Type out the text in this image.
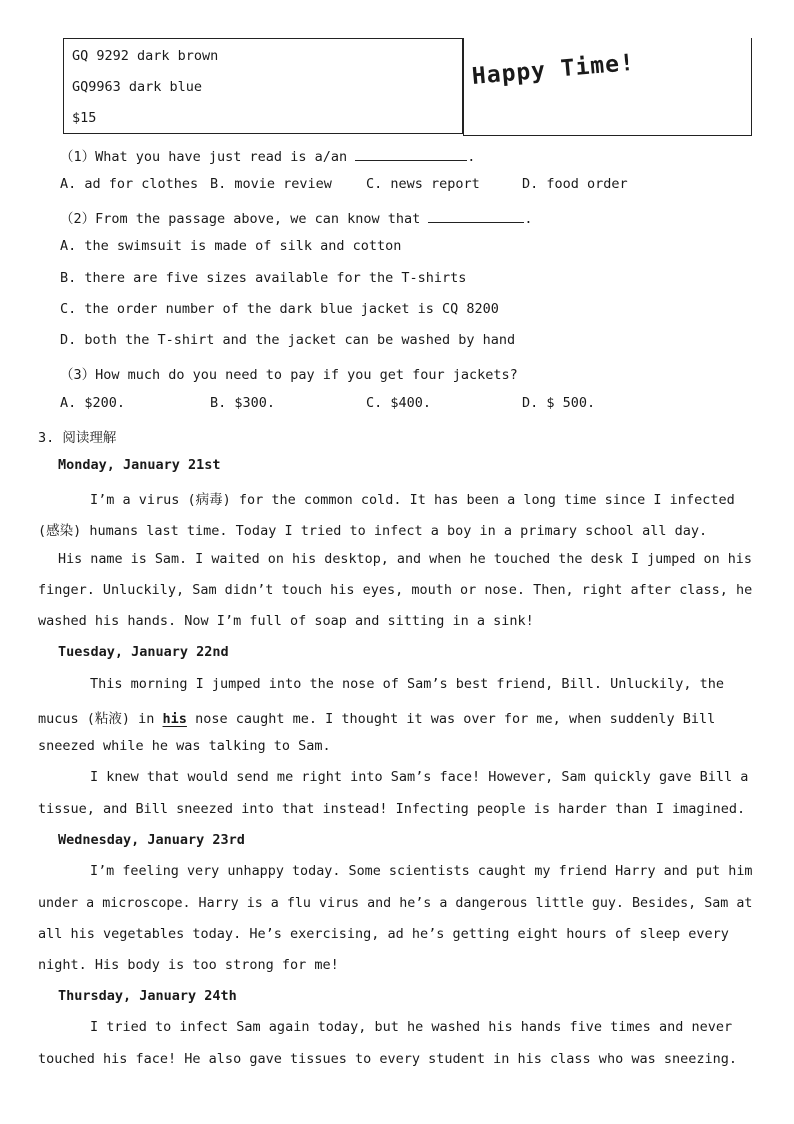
GQ 9292 dark brown
GQ9963 dark blue
$15
Happy Time!
（1）What you have just read is a/an	.
A. ad for clothes B. movie review	C. news report	D. food order
（2）From the passage above, we can know that	.
A. the swimsuit is made of silk and cotton
B. there are five sizes available for the T-shirts
C. the order number of the dark blue jacket is CQ 8200
D. both the T-shirt and the jacket can be washed by hand
（3）How much do you need to pay if you get four jackets?
A. $200.	B. $300.	C. $400.	D. $ 500.
3. 阅读理解
Monday, January 21st
I’m a virus (病毒) for the common cold. It has been a long time since I infected
(感染) humans last time. Today I tried to infect a boy in a primary school all day.
His name is Sam. I waited on his desktop, and when he touched the desk I jumped on his
finger. Unluckily, Sam didn’t touch his eyes, mouth or nose. Then, right after class, he
washed his hands. Now I’m full of soap and sitting in a sink!
Tuesday, January 22nd
This morning I jumped into the nose of Sam’s best friend, Bill. Unluckily, the
mucus (粘液) in his nose caught me. I thought it was over for me, when suddenly Bill
sneezed while he was talking to Sam.
I knew that would send me right into Sam’s face! However, Sam quickly gave Bill a
tissue, and Bill sneezed into that instead! Infecting people is harder than I imagined.
Wednesday, January 23rd
I’m feeling very unhappy today. Some scientists caught my friend Harry and put him
under a microscope. Harry is a flu virus and he’s a dangerous little guy. Besides, Sam at
all his vegetables today. He’s exercising, ad he’s getting eight hours of sleep every
night. His body is too strong for me!
Thursday, January 24th
I tried to infect Sam again today, but he washed his hands five times and never
touched his face! He also gave tissues to every student in his class who was sneezing.
